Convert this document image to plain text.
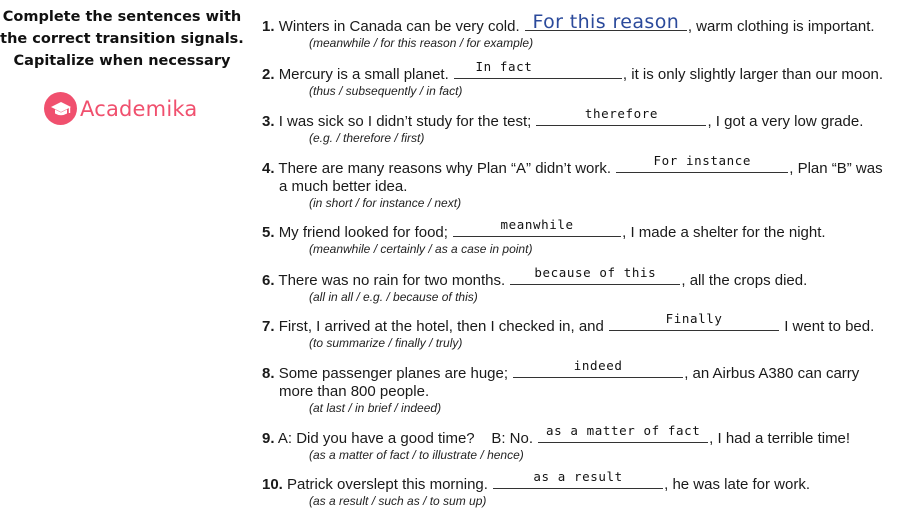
Complete the sentences with
the correct transition signals.
Capitalize when necessary
Academika
1. Winters in Canada can be very cold. For this reason , warm clothing is important.
(meanwhile / for this reason / for example)
2. Mercury is a small planet.	In fact	, it is only slightly larger than our moon.
(thus / subsequently / in fact)
3. I was sick so I didn’t study for the test;	therefore	, I got a very low grade.
(e.g. / therefore / first)
4. There are many reasons why Plan “A” didn’t work.	For instance	, Plan “B” was
a much better idea.
(in short / for instance / next)
5. My friend looked for food;	meanwhile	, I made a shelter for the night.
(meanwhile / certainly / as a case in point)
6. There was no rain for two months.	because of this	, all the crops died.
(all in all / e.g. / because of this)
7. First, I arrived at the hotel, then I checked in, and	Finally	I went to bed.
(to summarize / finally / truly)
8. Some passenger planes are huge;	indeed	, an Airbus A380 can carry
more than 800 people.
(at last / in brief / indeed)
9. A: Did you have a good time?    B: No.	as a matter of fact , I had a terrible time!
(as a matter of fact / to illustrate / hence)
10. Patrick overslept this morning.	as a result	, he was late for work.
(as a result / such as / to sum up)
